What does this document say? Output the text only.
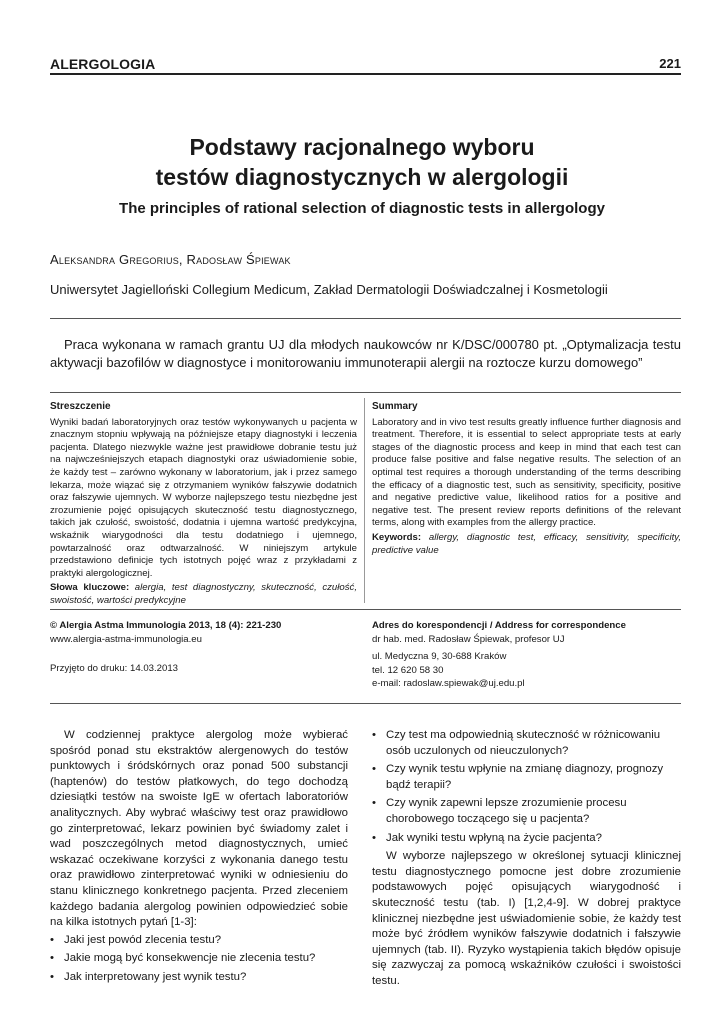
ALERGOLOGIA	221
Podstawy racjonalnego wyboru
testów diagnostycznych w alergologii
The principles of rational selection of diagnostic tests in allergology
Aleksandra Gregorius, Radosław Śpiewak
Uniwersytet Jagielloński Collegium Medicum, Zakład Dermatologii Doświadczalnej i Kosmetologii
Praca wykonana w ramach grantu UJ dla młodych naukowców nr K/DSC/000780 pt. „Optymalizacja testu aktywacji bazofilów w diagnostyce i monitorowaniu immunoterapii alergii na roztocze kurzu domowego”
Streszczenie

Wyniki badań laboratoryjnych oraz testów wykonywanych u pacjenta w znacznym stopniu wpływają na późniejsze etapy diagnostyki i leczenia pacjenta. Dlatego niezwykle ważne jest prawidłowe dobranie testu już na najwcześniejszych etapach diagnostyki oraz uświadomienie sobie, że każdy test – zarówno wykonany w laboratorium, jak i przez samego lekarza, może wiązać się z otrzymaniem wyników fałszywie dodatnich oraz fałszywie ujemnych. W wyborze najlepszego testu niezbędne jest zrozumienie pojęć opisujących skuteczność testu diagnostycznego, takich jak czułość, swoistość, dodatnia i ujemna wartość predykcyjna, wskaźnik wiarygodności dla testu dodatniego i ujemnego, powtarzalność oraz odtwarzalność. W niniejszym artykule przedstawiono definicje tych istotnych pojęć wraz z przykładami z praktyki alergologicznej.

Słowa kluczowe: alergia, test diagnostyczny, skuteczność, czułość, swoistość, wartości predykcyjne

Summary

Laboratory and in vivo test results greatly influence further diagnosis and treatment. Therefore, it is essential to select appropriate tests at early stages of the diagnostic process and keep in mind that each test can produce false positive and false negative results. The selection of an optimal test requires a thorough understanding of the terms describing the efficacy of a diagnostic test, such as sensitivity, specificity, positive and negative predictive value, likelihood ratios for a positive and negative test. The present review reports definitions of the relevant terms, along with examples from the allergy practice.

Keywords: allergy, diagnostic test, efficacy, sensitivity, specificity, predictive value

© Alergia Astma Immunologia 2013, 18 (4): 221-230
www.alergia-astma-immunologia.eu
Przyjęto do druku: 14.03.2013
Adres do korespondencji / Address for correspondence
dr hab. med. Radosław Śpiewak, profesor UJ
ul. Medyczna 9, 30-688 Kraków
tel. 12 620 58 30
e-mail: radoslaw.spiewak@uj.edu.pl

W codziennej praktyce alergolog może wybierać spośród ponad stu ekstraktów alergenowych do testów punktowych i śródskórnych oraz ponad 500 substancji (haptenów) do testów płatkowych, do tego dochodzą dziesiątki testów na swoiste IgE w ofertach laboratoriów analitycznych. Aby wybrać właściwy test oraz prawidłowo go zinterpretować, lekarz powinien być świadomy zalet i wad poszczególnych metod diagnostycznych, umieć wskazać oczekiwane korzyści z wykonania danego testu oraz prawidłowo zinterpretować wyniki w odniesieniu do stanu klinicznego konkretnego pacjenta. Przed zleceniem każdego badania alergolog powinien odpowiedzieć sobie na kilka istotnych pytań [1-3]:

• Jaki jest powód zlecenia testu?
• Jakie mogą być konsekwencje nie zlecenia testu?
• Jak interpretowany jest wynik testu?
• Czy test ma odpowiednią skuteczność w różnicowaniu osób uczulonych od nieuczulonych?
• Czy wynik testu wpłynie na zmianę diagnozy, prognozy bądź terapii?
• Czy wynik zapewni lepsze zrozumienie procesu chorobowego toczącego się u pacjenta?
• Jak wyniki testu wpłyną na życie pacjenta?

W wyborze najlepszego w określonej sytuacji klinicznej testu diagnostycznego pomocne jest dobre zrozumienie podstawowych pojęć opisujących wiarygodność i skuteczność testu (tab. I) [1,2,4-9]. W dobrej praktyce klinicznej niezbędne jest uświadomienie sobie, że każdy test może być źródłem wyników fałszywie dodatnich i fałszywie ujemnych (tab. II). Ryzyko wystąpienia takich błędów opisuje się zazwyczaj za pomocą wskaźników czułości i swoistości testu.
